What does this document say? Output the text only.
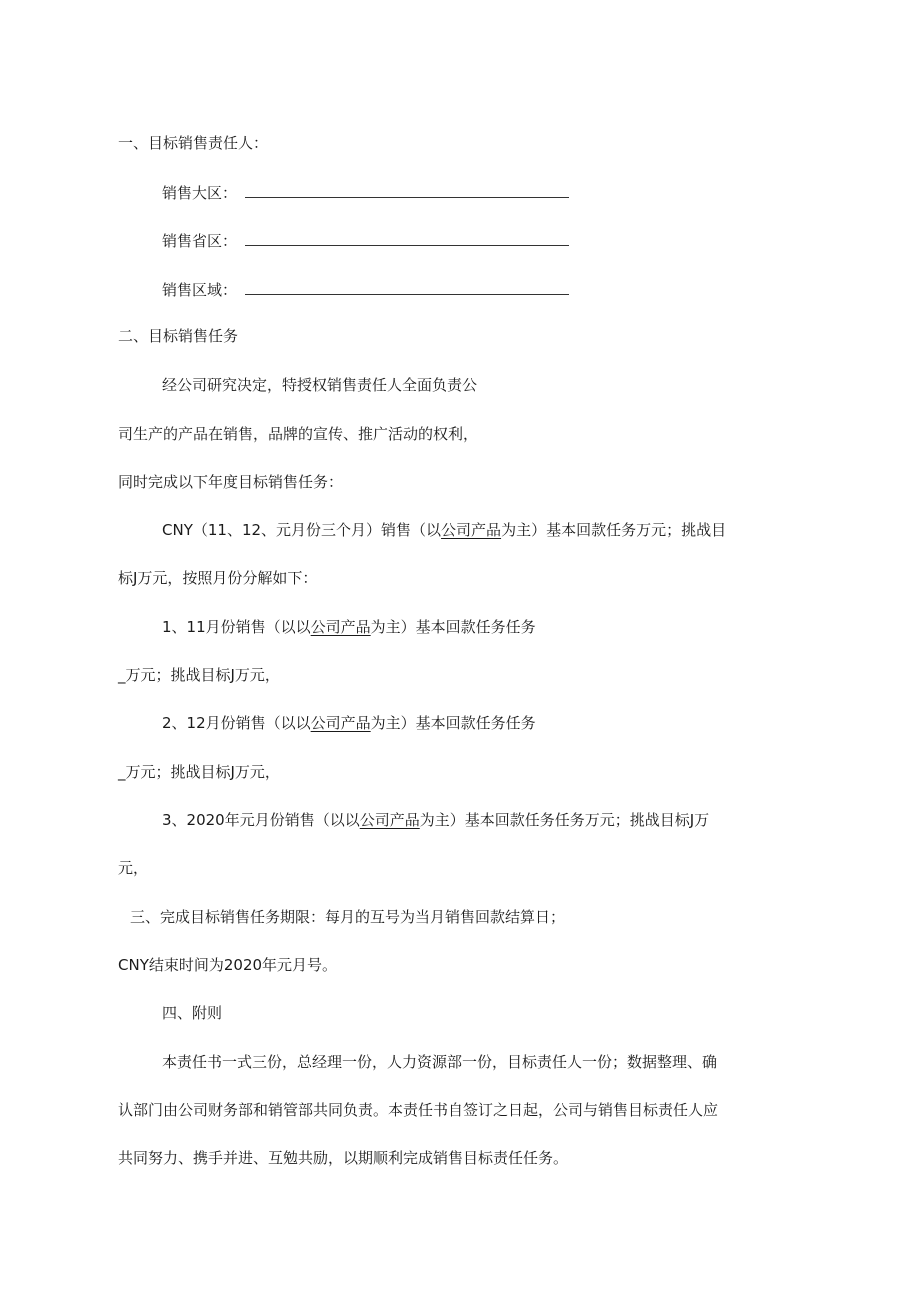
一、目标销售责任人：
销售大区：
销售省区：
销售区域：
二、目标销售任务
经公司研究决定，特授权销售责任人全面负责公
司生产的产品在销售，品牌的宣传、推广活动的权利，
同时完成以下年度目标销售任务：
CNY（11、12、元月份三个月）销售（以公司产品为主）基本回款任务万元；挑战目
标J万元，按照月份分解如下：
1、11月份销售（以以公司产品为主）基本回款任务任务
_万元；挑战目标J万元，
2、12月份销售（以以公司产品为主）基本回款任务任务
_万元；挑战目标J万元，
3、2020年元月份销售（以以公司产品为主）基本回款任务任务万元；挑战目标J万
元，
三、完成目标销售任务期限：每月的互号为当月销售回款结算日；
CNY结束时间为2020年元月号。
四、附则
本责任书一式三份，总经理一份，人力资源部一份，目标责任人一份；数据整理、确
认部门由公司财务部和销管部共同负责。本责任书自签订之日起，公司与销售目标责任人应
共同努力、携手并进、互勉共励，以期顺利完成销售目标责任任务。
